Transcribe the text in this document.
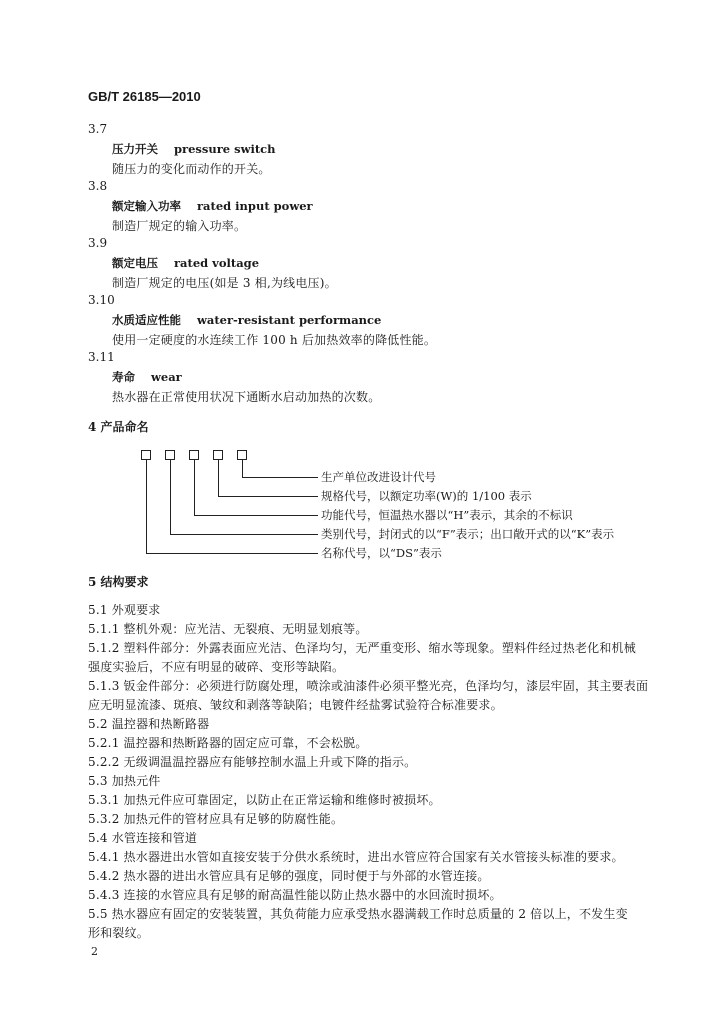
GB/T 26185—2010
3.7
压力开关 pressure switch
随压力的变化而动作的开关。
3.8
额定输入功率 rated input power
制造厂规定的输入功率。
3.9
额定电压 rated voltage
制造厂规定的电压(如是 3 相,为线电压)。
3.10
水质适应性能 water-resistant performance
使用一定硬度的水连续工作 100 h 后加热效率的降低性能。
3.11
寿命 wear
热水器在正常使用状况下通断水启动加热的次数。
4 产品命名
生产单位改进设计代号
规格代号，以额定功率(W)的 1/100 表示
功能代号，恒温热水器以“H”表示，其余的不标识
类别代号，封闭式的以“F”表示；出口敞开式的以“K”表示
名称代号，以“DS”表示
5 结构要求
5.1 外观要求
5.1.1 整机外观：应光洁、无裂痕、无明显划痕等。
5.1.2 塑料件部分：外露表面应光洁、色泽均匀，无严重变形、缩水等现象。塑料件经过热老化和机械
强度实验后，不应有明显的破碎、变形等缺陷。
5.1.3 钣金件部分：必须进行防腐处理，喷涂或油漆件必须平整光亮，色泽均匀，漆层牢固，其主要表面
应无明显流漆、斑痕、皱纹和剥落等缺陷；电镀件经盐雾试验符合标准要求。
5.2 温控器和热断路器
5.2.1 温控器和热断路器的固定应可靠，不会松脱。
5.2.2 无级调温温控器应有能够控制水温上升或下降的指示。
5.3 加热元件
5.3.1 加热元件应可靠固定，以防止在正常运输和维修时被损坏。
5.3.2 加热元件的管材应具有足够的防腐性能。
5.4 水管连接和管道
5.4.1 热水器进出水管如直接安装于分供水系统时，进出水管应符合国家有关水管接头标准的要求。
5.4.2 热水器的进出水管应具有足够的强度，同时便于与外部的水管连接。
5.4.3 连接的水管应具有足够的耐高温性能以防止热水器中的水回流时损坏。
5.5 热水器应有固定的安装装置，其负荷能力应承受热水器满载工作时总质量的 2 倍以上，不发生变
形和裂纹。
2
